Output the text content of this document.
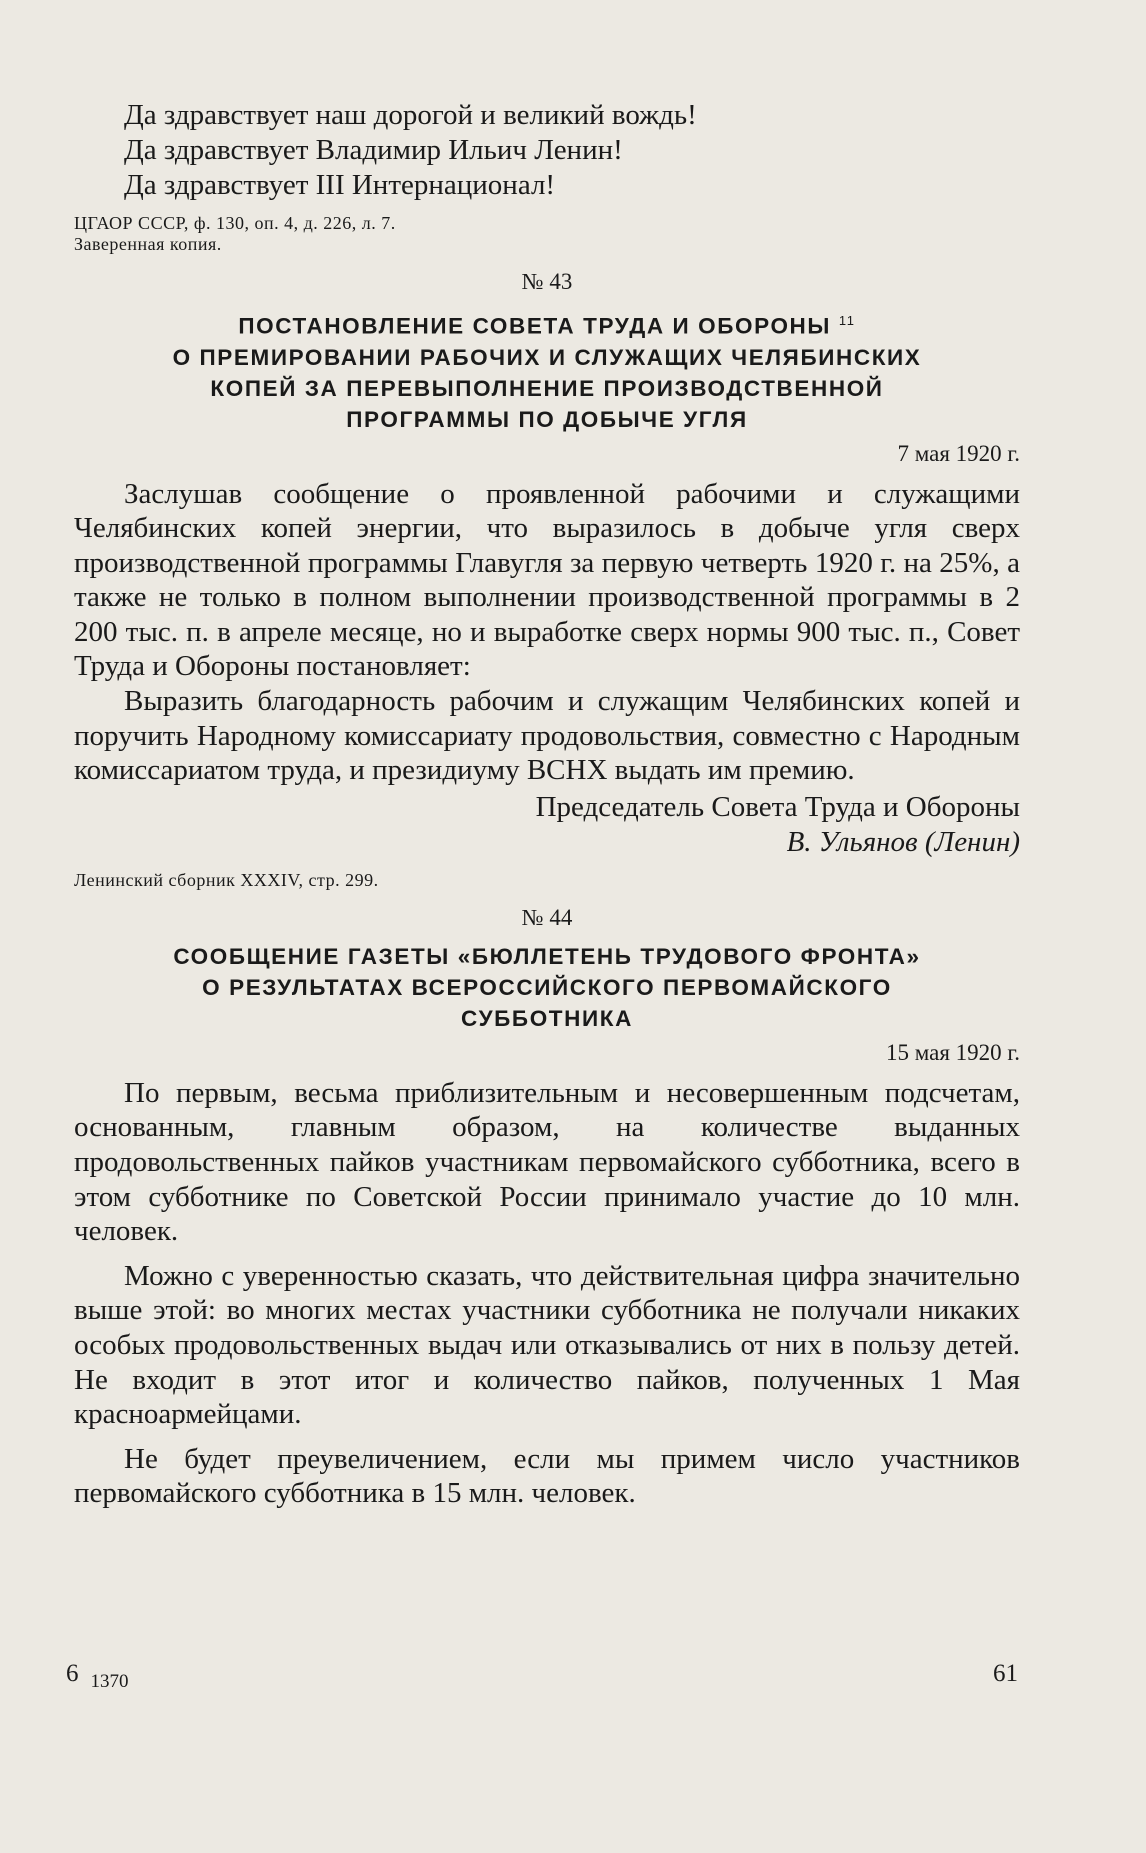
Да здравствует наш дорогой и великий вождь!

Да здравствует Владимир Ильич Ленин!

Да здравствует III Интернационал!

ЦГАОР СССР, ф. 130, оп. 4, д. 226, л. 7. Заверенная копия.

№ 43

ПОСТАНОВЛЕНИЕ СОВЕТА ТРУДА И ОБОРОНЫ $^{11}$

О ПРЕМИРОВАНИИ РАБОЧИХ И СЛУЖАЩИХ ЧЕЛЯБИНСКИХ

КОПЕЙ ЗА ПЕРЕВЫПОЛНЕНИЕ ПРОИЗВОДСТВЕННОЙ

ПРОГРАММЫ ПО ДОБЫЧЕ УГЛЯ

7 мая 1920 г.

Заслушав сообщение о проявленной рабочими и служащими Челябинских копей энергии, что выразилось в добыче угля сверх производственной программы Главугля за первую четверть 1920 г. на 25%, а также не только в полном выполнении производственной программы в 2 200 тыс. п. в апреле месяце, но и выработке сверх нормы 900 тыс. п., Совет Труда и Обороны постановляет:

Выразить благодарность рабочим и служащим Челябинских копей и поручить Народному комиссариату продовольствия, совместно с Народным комиссариатом труда, и президиуму ВСНХ выдать им премию.

Председатель Совета Труда и Обороны

В. Ульянов (Ленин)

Ленинский сборник XXXIV, стр. 299.

№ 44

СООБЩЕНИЕ ГАЗЕТЫ «БЮЛЛЕТЕНЬ ТРУДОВОГО ФРОНТА»

О РЕЗУЛЬТАТАХ ВСЕРОССИЙСКОГО ПЕРВОМАЙСКОГО

СУББОТНИКА

15 мая 1920 г.

По первым, весьма приблизительным и несовершенным подсчетам, основанным, главным образом, на количестве выданных продовольственных пайков участникам первомайского субботника, всего в этом субботнике по Советской России принимало участие до 10 млн. человек.

Можно с уверенностью сказать, что действительная цифра значительно выше этой: во многих местах участники субботника не получали никаких особых продовольственных выдач или отказывались от них в пользу детей. Не входит в этот итог и количество пайков, полученных 1 Мая красноармейцами.

Не будет преувеличением, если мы примем число участников первомайского субботника в 15 млн. человек.

6 1370	61
